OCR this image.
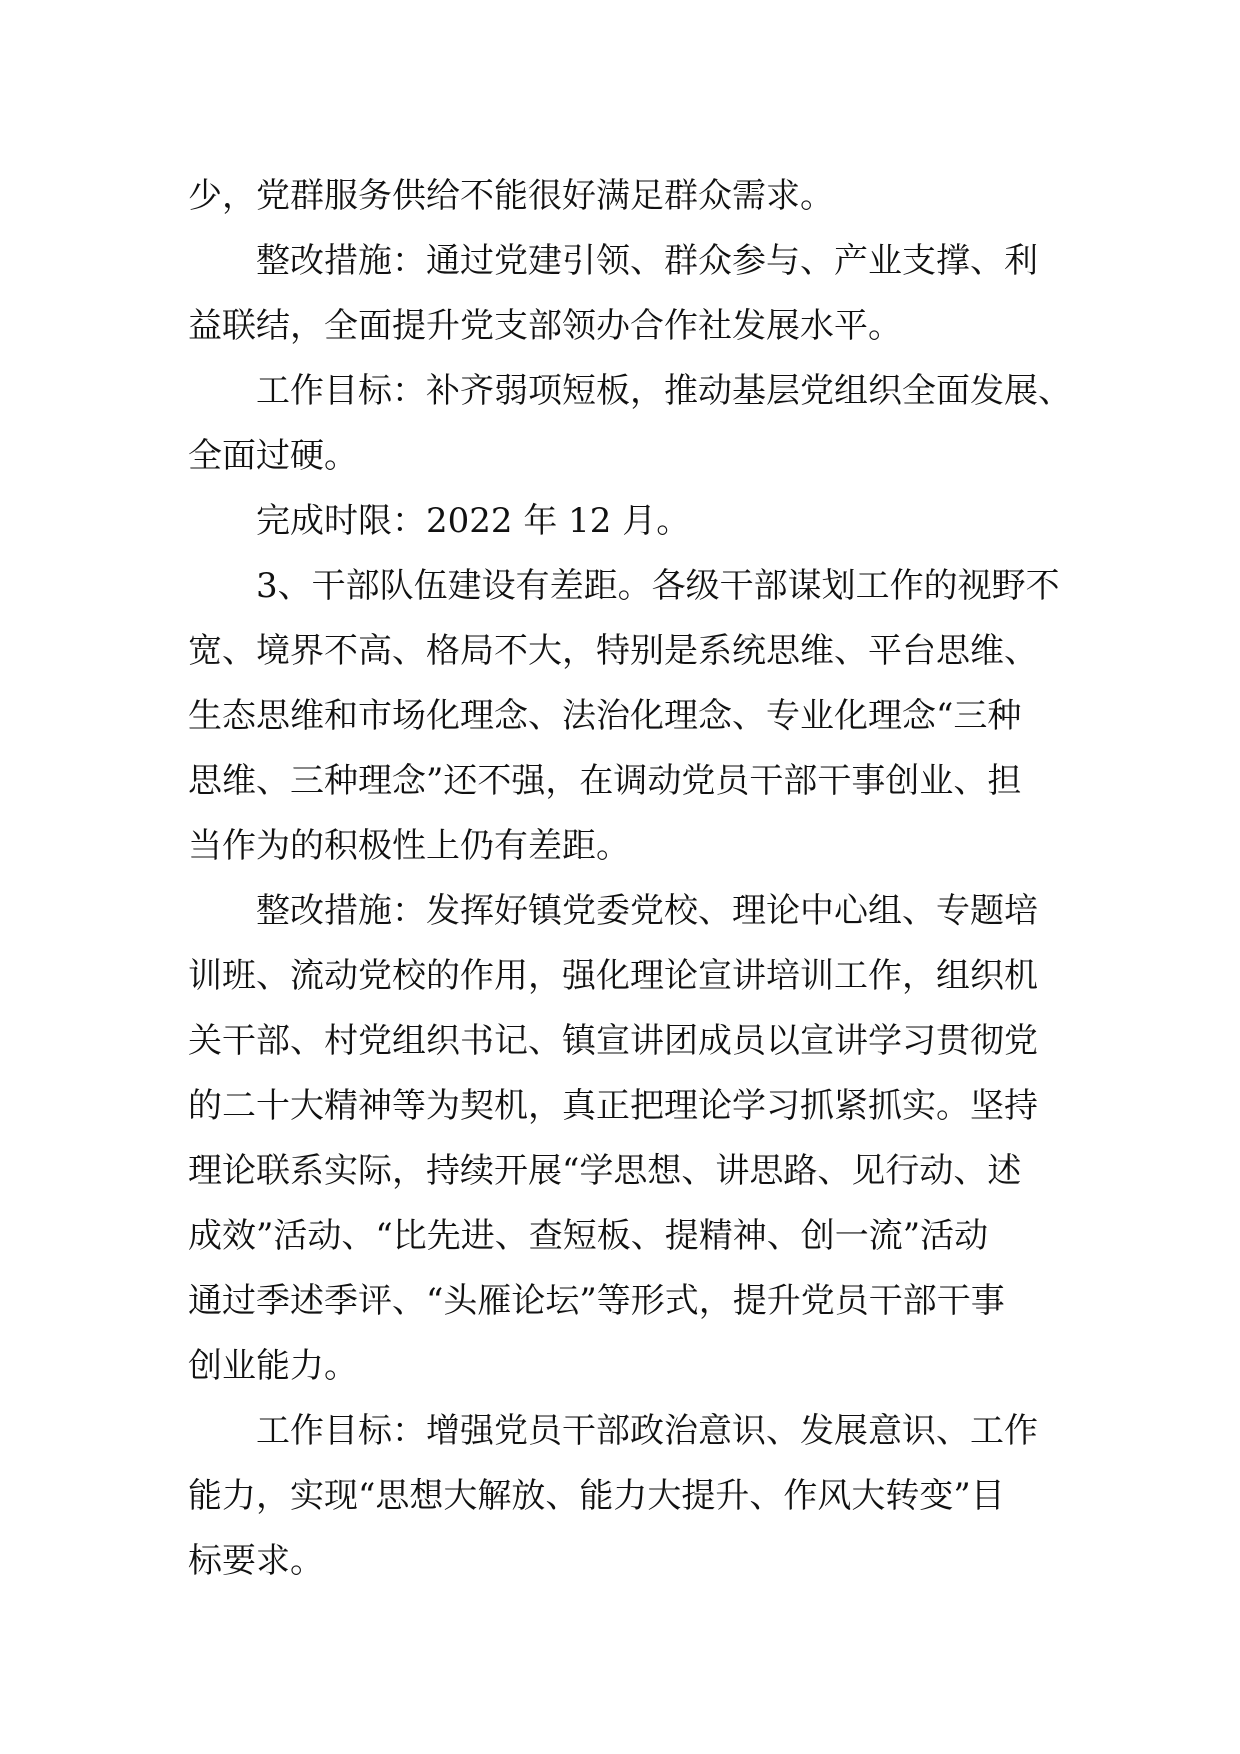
少，党群服务供给不能很好满足群众需求。
整改措施：通过党建引领、群众参与、产业支撑、利
益联结，全面提升党支部领办合作社发展水平。
工作目标：补齐弱项短板，推动基层党组织全面发展、
全面过硬。
完成时限：2022 年 12 月。
3、干部队伍建设有差距。各级干部谋划工作的视野不
宽、境界不高、格局不大，特别是系统思维、平台思维、
生态思维和市场化理念、法治化理念、专业化理念“三种
思维、三种理念”还不强，在调动党员干部干事创业、担
当作为的积极性上仍有差距。
整改措施：发挥好镇党委党校、理论中心组、专题培
训班、流动党校的作用，强化理论宣讲培训工作，组织机
关干部、村党组织书记、镇宣讲团成员以宣讲学习贯彻党
的二十大精神等为契机，真正把理论学习抓紧抓实。坚持
理论联系实际，持续开展“学思想、讲思路、见行动、述
成效”活动、“比先进、查短板、提精神、创一流”活动
通过季述季评、“头雁论坛”等形式，提升党员干部干事
创业能力。
工作目标：增强党员干部政治意识、发展意识、工作
能力，实现“思想大解放、能力大提升、作风大转变”目
标要求。
